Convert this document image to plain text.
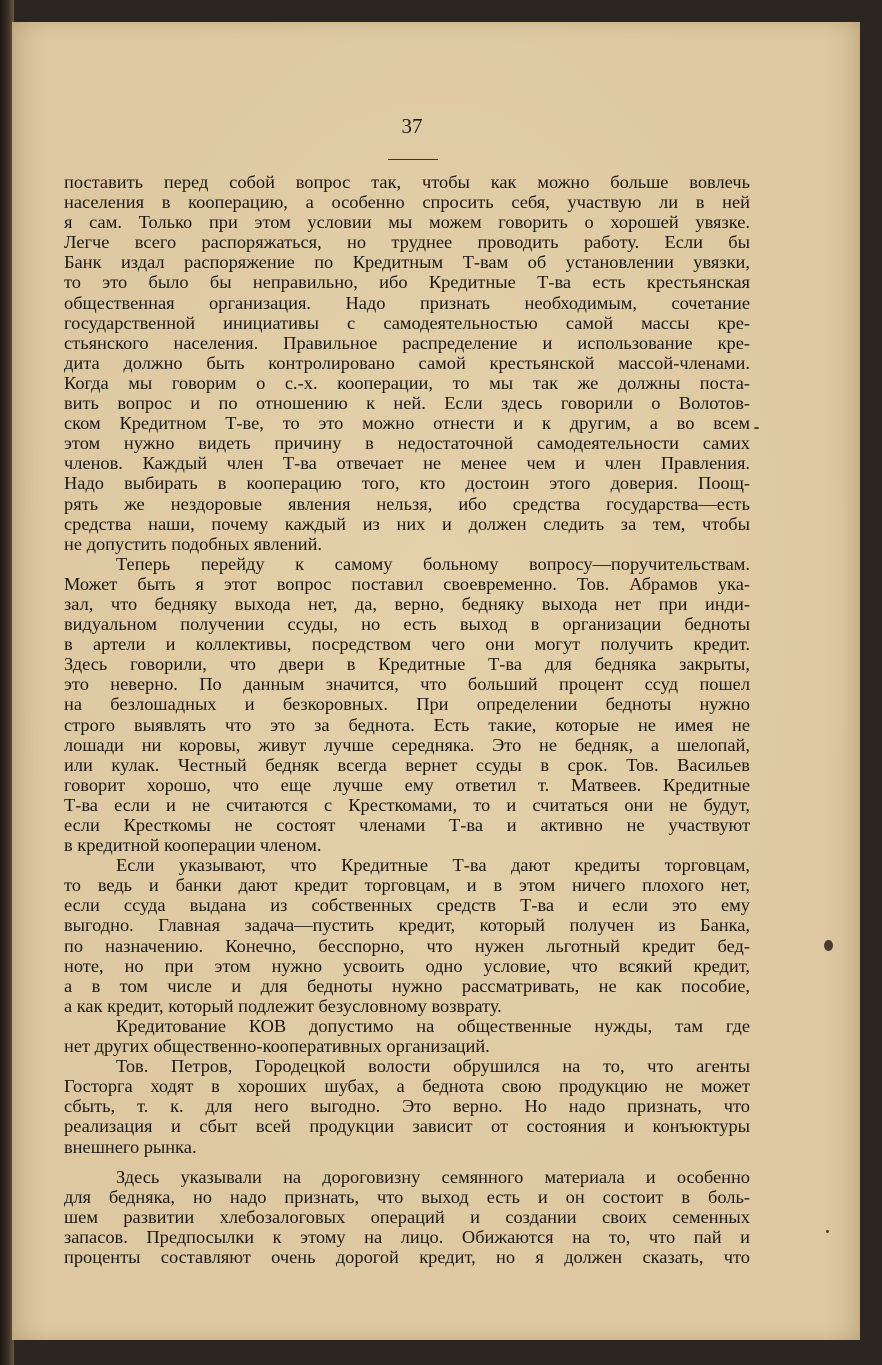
37
поставить перед собой вопрос так, чтобы как можно больше вовлечь
населения в кооперацию, а особенно спросить себя, участвую ли в ней
я сам. Только при этом условии мы можем говорить о хорошей увязке.
Легче всего распоряжаться, но труднее проводить работу. Если бы
Банк издал распоряжение по Кредитным Т-вам об установлении увязки,
то это было бы неправильно, ибо Кредитные Т-ва есть крестьянская
общественная организация. Надо признать необходимым, сочетание
государственной инициативы с самодеятельностью самой массы кре-
стьянского населения. Правильное распределение и использование кре-
дита должно быть контролировано самой крестьянской массой-членами.
Когда мы говорим о с.-х. кооперации, то мы так же должны поста-
вить вопрос и по отношению к ней. Если здесь говорили о Волотов-
ском Кредитном Т-ве, то это можно отнести и к другим, а во всем
этом нужно видеть причину в недостаточной самодеятельности самих
членов. Каждый член Т-ва отвечает не менее чем и член Правления.
Надо выбирать в кооперацию того, кто достоин этого доверия. Поощ-
рять же нездоровые явления нельзя, ибо средства государства—есть
средства наши, почему каждый из них и должен следить за тем, чтобы
не допустить подобных явлений.
Теперь перейду к самому больному вопросу—поручительствам.
Может быть я этот вопрос поставил своевременно. Тов. Абрамов ука-
зал, что бедняку выхода нет, да, верно, бедняку выхода нет при инди-
видуальном получении ссуды, но есть выход в организации бедноты
в артели и коллективы, посредством чего они могут получить кредит.
Здесь говорили, что двери в Кредитные Т-ва для бедняка закрыты,
это неверно. По данным значится, что больший процент ссуд пошел
на безлошадных и безкоровных. При определении бедноты нужно
строго выявлять что это за беднота. Есть такие, которые не имея не
лошади ни коровы, живут лучше середняка. Это не бедняк, а шелопай,
или кулак. Честный бедняк всегда вернет ссуды в срок. Тов. Васильев
говорит хорошо, что еще лучше ему ответил т. Матвеев. Кредитные
Т-ва если и не считаются с Кресткомами, то и считаться они не будут,
если Кресткомы не состоят членами Т-ва и активно не участвуют
в кредитной кооперации членом.
Если указывают, что Кредитные Т-ва дают кредиты торговцам,
то ведь и банки дают кредит торговцам, и в этом ничего плохого нет,
если ссуда выдана из собственных средств Т-ва и если это ему
выгодно. Главная задача—пустить кредит, который получен из Банка,
по назначению. Конечно, бесспорно, что нужен льготный кредит бед-
ноте, но при этом нужно усвоить одно условие, что всякий кредит,
а в том числе и для бедноты нужно рассматривать, не как пособие,
а как кредит, который подлежит безусловному возврату.
Кредитование КОВ допустимо на общественные нужды, там где
нет других общественно-кооперативных организаций.
Тов. Петров, Городецкой волости обрушился на то, что агенты
Госторга ходят в хороших шубах, а беднота свою продукцию не может
сбыть, т. к. для него выгодно. Это верно. Но надо признать, что
реализация и сбыт всей продукции зависит от состояния и конъюктуры
внешнего рынка.
Здесь указывали на дороговизну семянного материала и особенно
для бедняка, но надо признать, что выход есть и он состоит в боль-
шем развитии хлебозалоговых операций и создании своих семенных
запасов. Предпосылки к этому на лицо. Обижаются на то, что пай и
проценты составляют очень дорогой кредит, но я должен сказать, что
